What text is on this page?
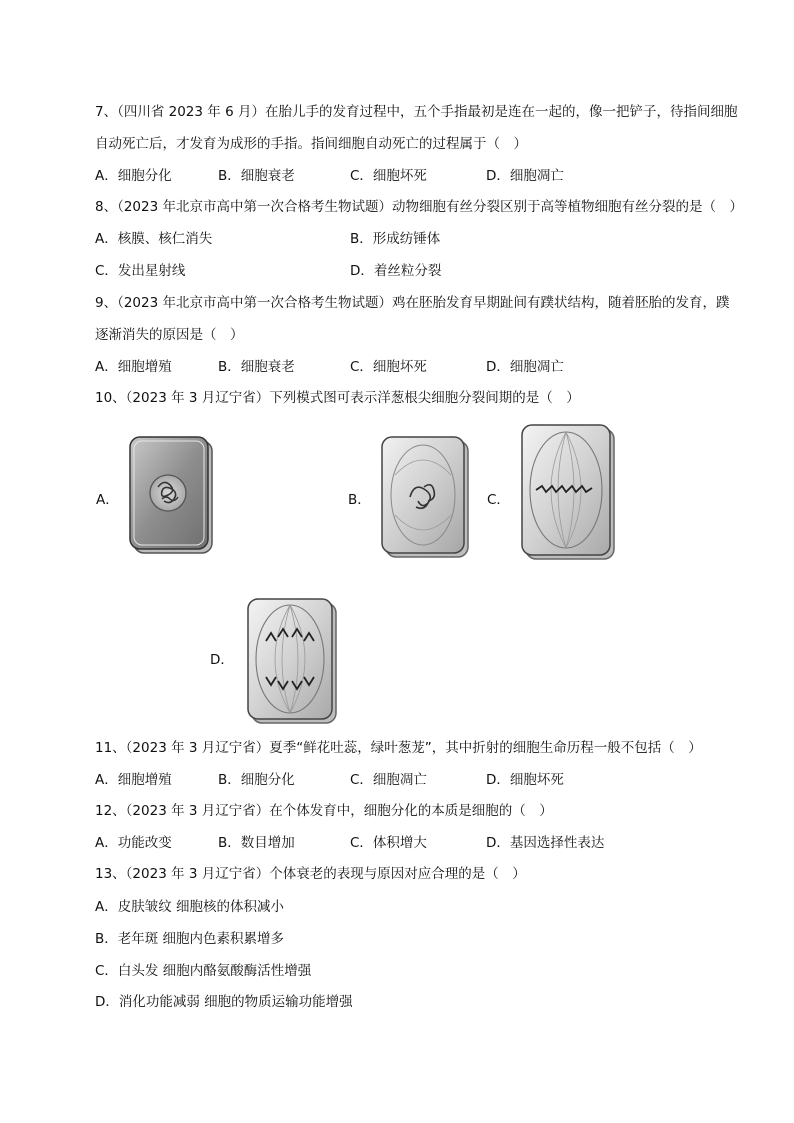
7、（四川省 2023 年 6 月）在胎儿手的发育过程中，五个手指最初是连在一起的，像一把铲子，待指间细胞
自动死亡后，才发育为成形的手指。指间细胞自动死亡的过程属于（　）
A．细胞分化	B．细胞衰老	C．细胞坏死	D．细胞凋亡
8、（2023 年北京市高中第一次合格考生物试题）动物细胞有丝分裂区别于高等植物细胞有丝分裂的是（　）
A．核膜、核仁消失	B．形成纺锤体
C．发出星射线	D．着丝粒分裂
9、（2023 年北京市高中第一次合格考生物试题）鸡在胚胎发育早期趾间有蹼状结构，随着胚胎的发育，蹼
逐渐消失的原因是（　）
A．细胞增殖	B．细胞衰老	C．细胞坏死	D．细胞凋亡
10、（2023 年 3 月辽宁省）下列模式图可表示洋葱根尖细胞分裂间期的是（　）
A．	B．	C．
D．
11、（2023 年 3 月辽宁省）夏季“鲜花吐蕊，绿叶葱茏”，其中折射的细胞生命历程一般不包括（　）
A．细胞增殖	B．细胞分化	C．细胞凋亡	D．细胞坏死
12、（2023 年 3 月辽宁省）在个体发育中，细胞分化的本质是细胞的（　）
A．功能改变	B．数目增加	C．体积增大	D．基因选择性表达
13、（2023 年 3 月辽宁省）个体衰老的表现与原因对应合理的是（　）
A．皮肤皱纹 细胞核的体积减小
B．老年斑 细胞内色素积累增多
C．白头发 细胞内酪氨酸酶活性增强
D．消化功能减弱 细胞的物质运输功能增强
